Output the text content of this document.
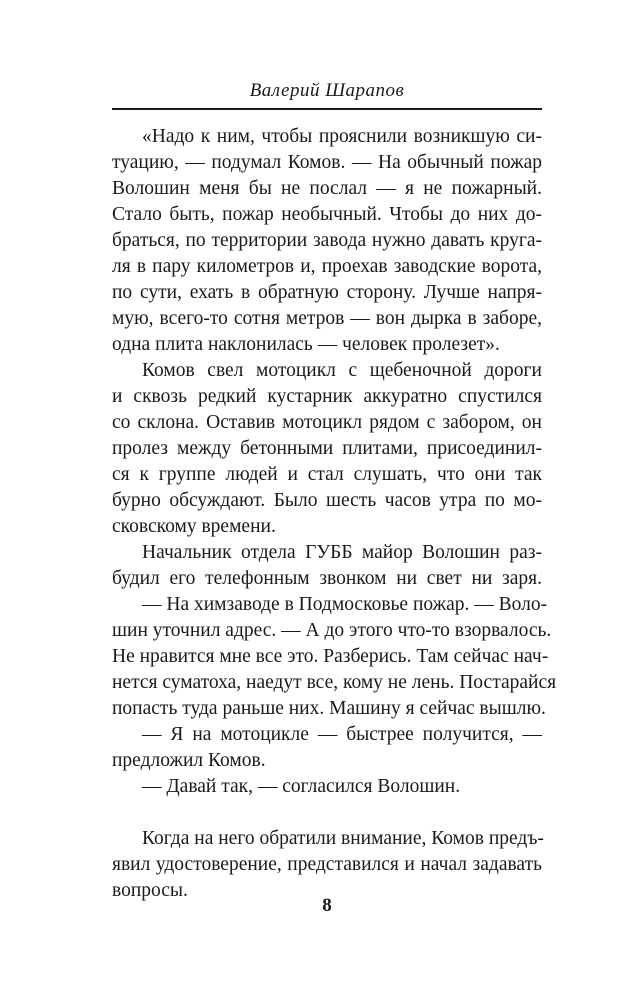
Валерий Шарапов
«Надо к ним, чтобы прояснили возникшую си-
туацию, — подумал Комов. — На обычный пожар
Волошин меня бы не послал — я не пожарный.
Стало быть, пожар необычный. Чтобы до них до-
браться, по территории завода нужно давать круга-
ля в пару километров и, проехав заводские ворота,
по сути, ехать в обратную сторону. Лучше напря-
мую, всего-то сотня метров — вон дырка в заборе,
одна плита наклонилась — человек пролезет».
Комов свел мотоцикл с щебеночной дороги
и сквозь редкий кустарник аккуратно спустился
со склона. Оставив мотоцикл рядом с забором, он
пролез между бетонными плитами, присоединил-
ся к группе людей и стал слушать, что они так
бурно обсуждают. Было шесть часов утра по мо-
сковскому времени.
Начальник отдела ГУББ майор Волошин раз-
будил его телефонным звонком ни свет ни заря.
— На химзаводе в Подмосковье пожар. — Воло-
шин уточнил адрес. — А до этого что-то взорвалось.
Не нравится мне все это. Разберись. Там сейчас нач-
нется суматоха, наедут все, кому не лень. Постарайся
попасть туда раньше них. Машину я сейчас вышлю.
— Я на мотоцикле — быстрее получится, —
предложил Комов.
— Давай так, — согласился Волошин.
Когда на него обратили внимание, Комов предъ-
явил удостоверение, представился и начал задавать
вопросы.
8
